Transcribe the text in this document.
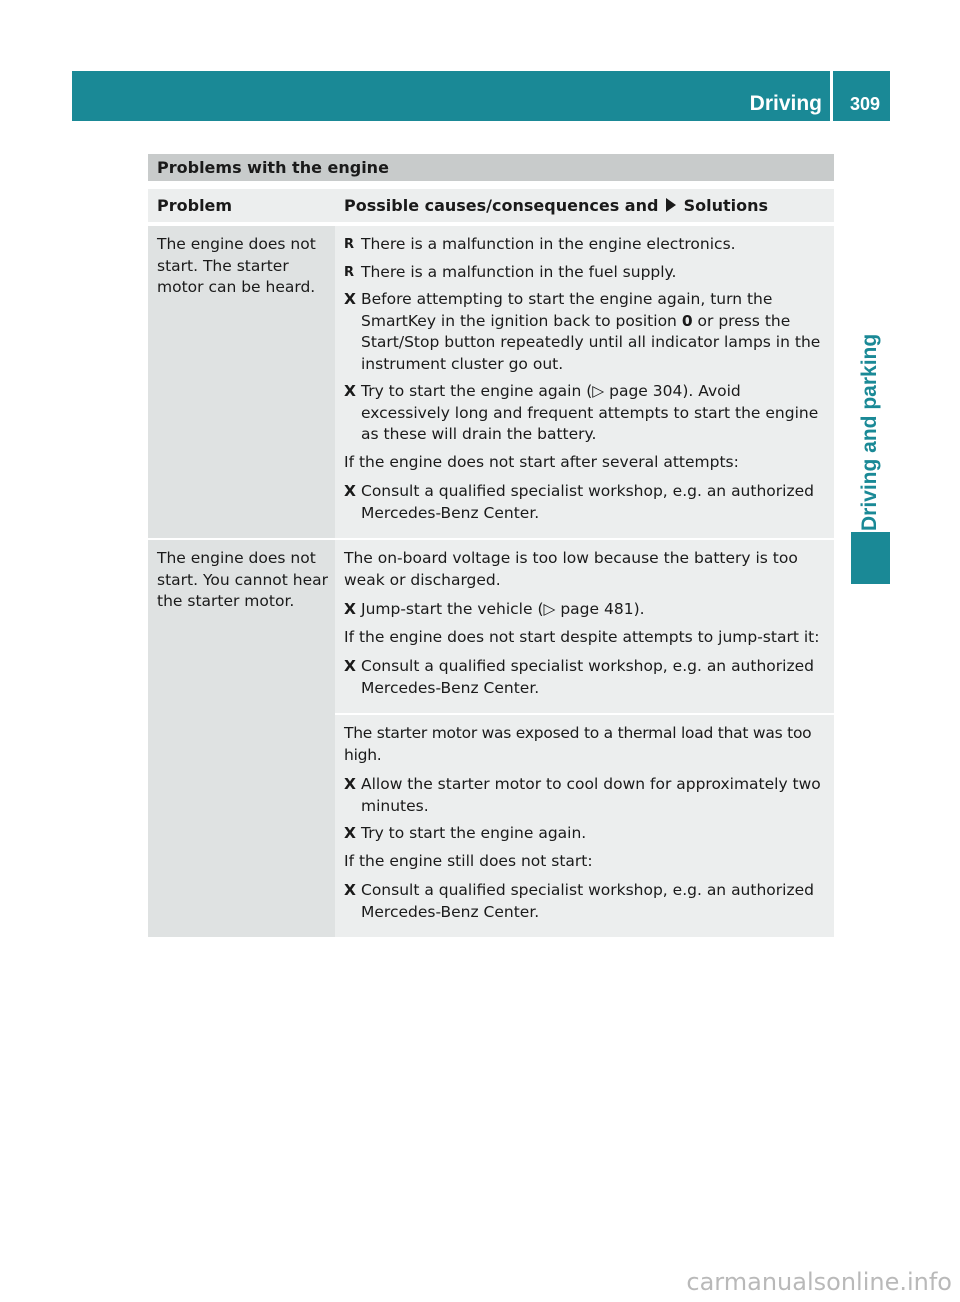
Driving 309
Driving and parking
Problems with the engine
Problem	Possible causes/consequences and Solutions
The engine does not start. The starter motor can be heard.
R There is a malfunction in the engine electronics.
R There is a malfunction in the fuel supply.
X Before attempting to start the engine again, turn the SmartKey in the ignition back to position 0 or press the Start/Stop button repeatedly until all indicator lamps in the instrument cluster go out.
X Try to start the engine again (▷ page 304). Avoid excessively long and frequent attempts to start the engine as these will drain the battery.

If the engine does not start after several attempts:

X Consult a qualified specialist workshop, e.g. an authorized Mercedes-Benz Center.
The engine does not start. You cannot hear the starter motor.

The on-board voltage is too low because the battery is too weak or discharged.

X Jump-start the vehicle (▷ page 481).

If the engine does not start despite attempts to jump-start it:

X Consult a qualified specialist workshop, e.g. an authorized Mercedes-Benz Center.

The starter motor was exposed to a thermal load that was too high.

X Allow the starter motor to cool down for approximately two minutes.
X Try to start the engine again.

If the engine still does not start:

X Consult a qualified specialist workshop, e.g. an authorized Mercedes-Benz Center.
carmanualsonline.info
